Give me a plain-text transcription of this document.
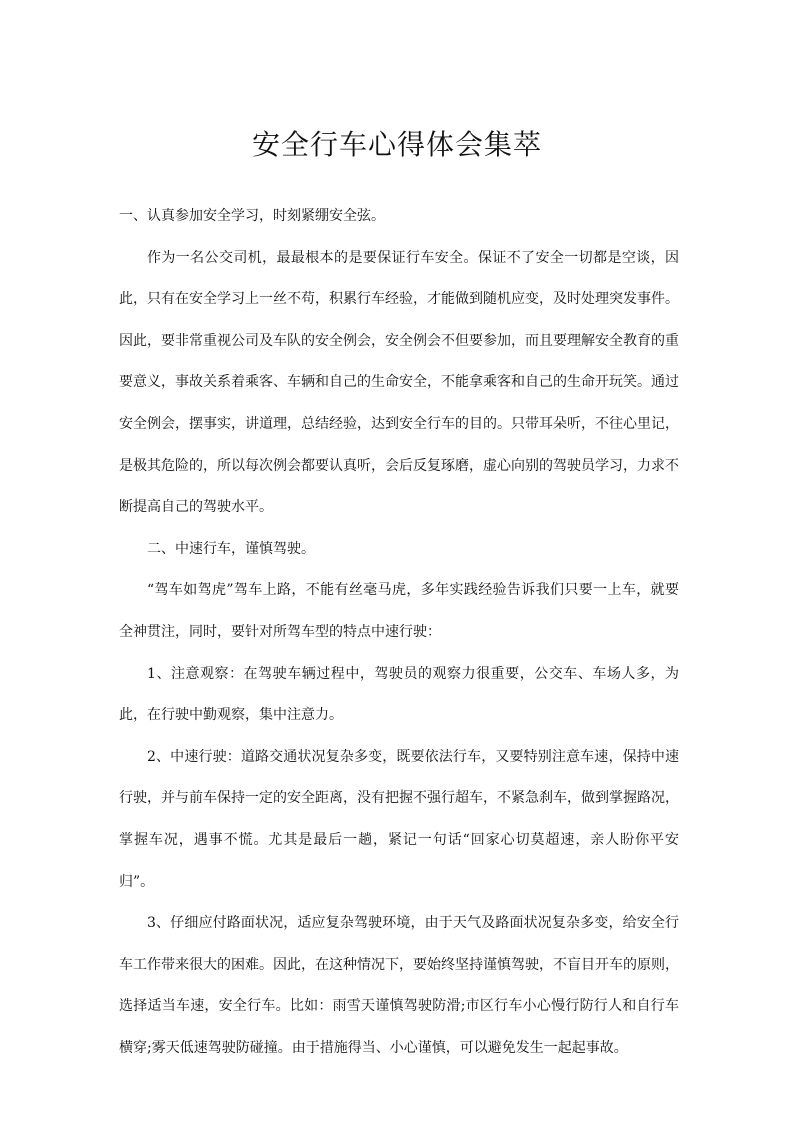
安全行车心得体会集萃

一、认真参加安全学习，时刻紧绷安全弦。

作为一名公交司机，最最根本的是要保证行车安全。保证不了安全一切都是空谈，因此，只有在安全学习上一丝不苟，积累行车经验，才能做到随机应变，及时处理突发事件。因此，要非常重视公司及车队的安全例会，安全例会不但要参加，而且要理解安全教育的重要意义，事故关系着乘客、车辆和自己的生命安全，不能拿乘客和自己的生命开玩笑。通过安全例会，摆事实，讲道理，总结经验，达到安全行车的目的。只带耳朵听，不往心里记，是极其危险的，所以每次例会都要认真听，会后反复琢磨，虚心向别的驾驶员学习，力求不断提高自己的驾驶水平。

二、中速行车，谨慎驾驶。

“驾车如驾虎”驾车上路，不能有丝毫马虎，多年实践经验告诉我们只要一上车，就要全神贯注，同时，要针对所驾车型的特点中速行驶：

1、注意观察：在驾驶车辆过程中，驾驶员的观察力很重要，公交车、车场人多，为此，在行驶中勤观察，集中注意力。

2、中速行驶：道路交通状况复杂多变，既要依法行车，又要特别注意车速，保持中速行驶，并与前车保持一定的安全距离，没有把握不强行超车，不紧急刹车，做到掌握路况，掌握车况，遇事不慌。尤其是最后一趟，紧记一句话“回家心切莫超速，亲人盼你平安归”。

3、仔细应付路面状况，适应复杂驾驶环境，由于天气及路面状况复杂多变，给安全行车工作带来很大的困难。因此，在这种情况下，要始终坚持谨慎驾驶，不盲目开车的原则，选择适当车速，安全行车。比如：雨雪天谨慎驾驶防滑;市区行车小心慢行防行人和自行车横穿;雾天低速驾驶防碰撞。由于措施得当、小心谨慎，可以避免发生一起起事故。
